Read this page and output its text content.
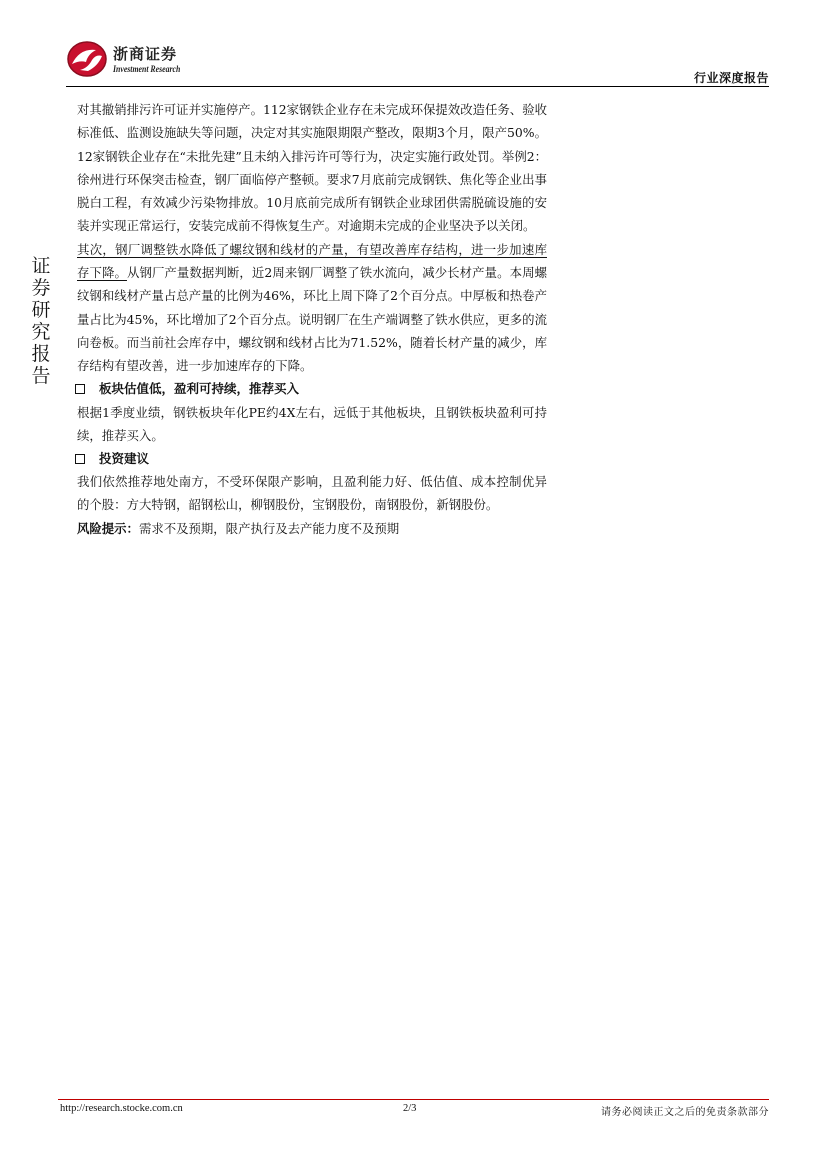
浙商证券
Investment Research
行业深度报告
证
券
研
究
报
告

对其撤销排污许可证并实施停产。112家钢铁企业存在未完成环保提效改造任务、验收标准低、监测设施缺失等问题，决定对其实施限期限产整改，限期3个月，限产50%。12家钢铁企业存在“未批先建”且未纳入排污许可等行为，决定实施行政处罚。举例2：徐州进行环保突击检查，钢厂面临停产整顿。要求7月底前完成钢铁、焦化等企业出事脱白工程，有效减少污染物排放。10月底前完成所有钢铁企业球团供需脱硫设施的安装并实现正常运行，安装完成前不得恢复生产。对逾期未完成的企业坚决予以关闭。

其次，钢厂调整铁水降低了螺纹钢和线材的产量，有望改善库存结构，进一步加速库存下降。从钢厂产量数据判断，近2周来钢厂调整了铁水流向，减少长材产量。本周螺纹钢和线材产量占总产量的比例为46%，环比上周下降了2个百分点。中厚板和热卷产量占比为45%，环比增加了2个百分点。说明钢厂在生产端调整了铁水供应，更多的流向卷板。而当前社会库存中，螺纹钢和线材占比为71.52%，随着长材产量的减少，库存结构有望改善，进一步加速库存的下降。

板块估值低，盈利可持续，推荐买入

根据1季度业绩，钢铁板块年化PE约4X左右，远低于其他板块，且钢铁板块盈利可持续，推荐买入。

投资建议

我们依然推荐地处南方，不受环保限产影响，且盈利能力好、低估值、成本控制优异的个股：方大特钢，韶钢松山，柳钢股份，宝钢股份，南钢股份，新钢股份。

风险提示：需求不及预期，限产执行及去产能力度不及预期

http://research.stocke.com.cn	2/3	请务必阅读正文之后的免责条款部分
